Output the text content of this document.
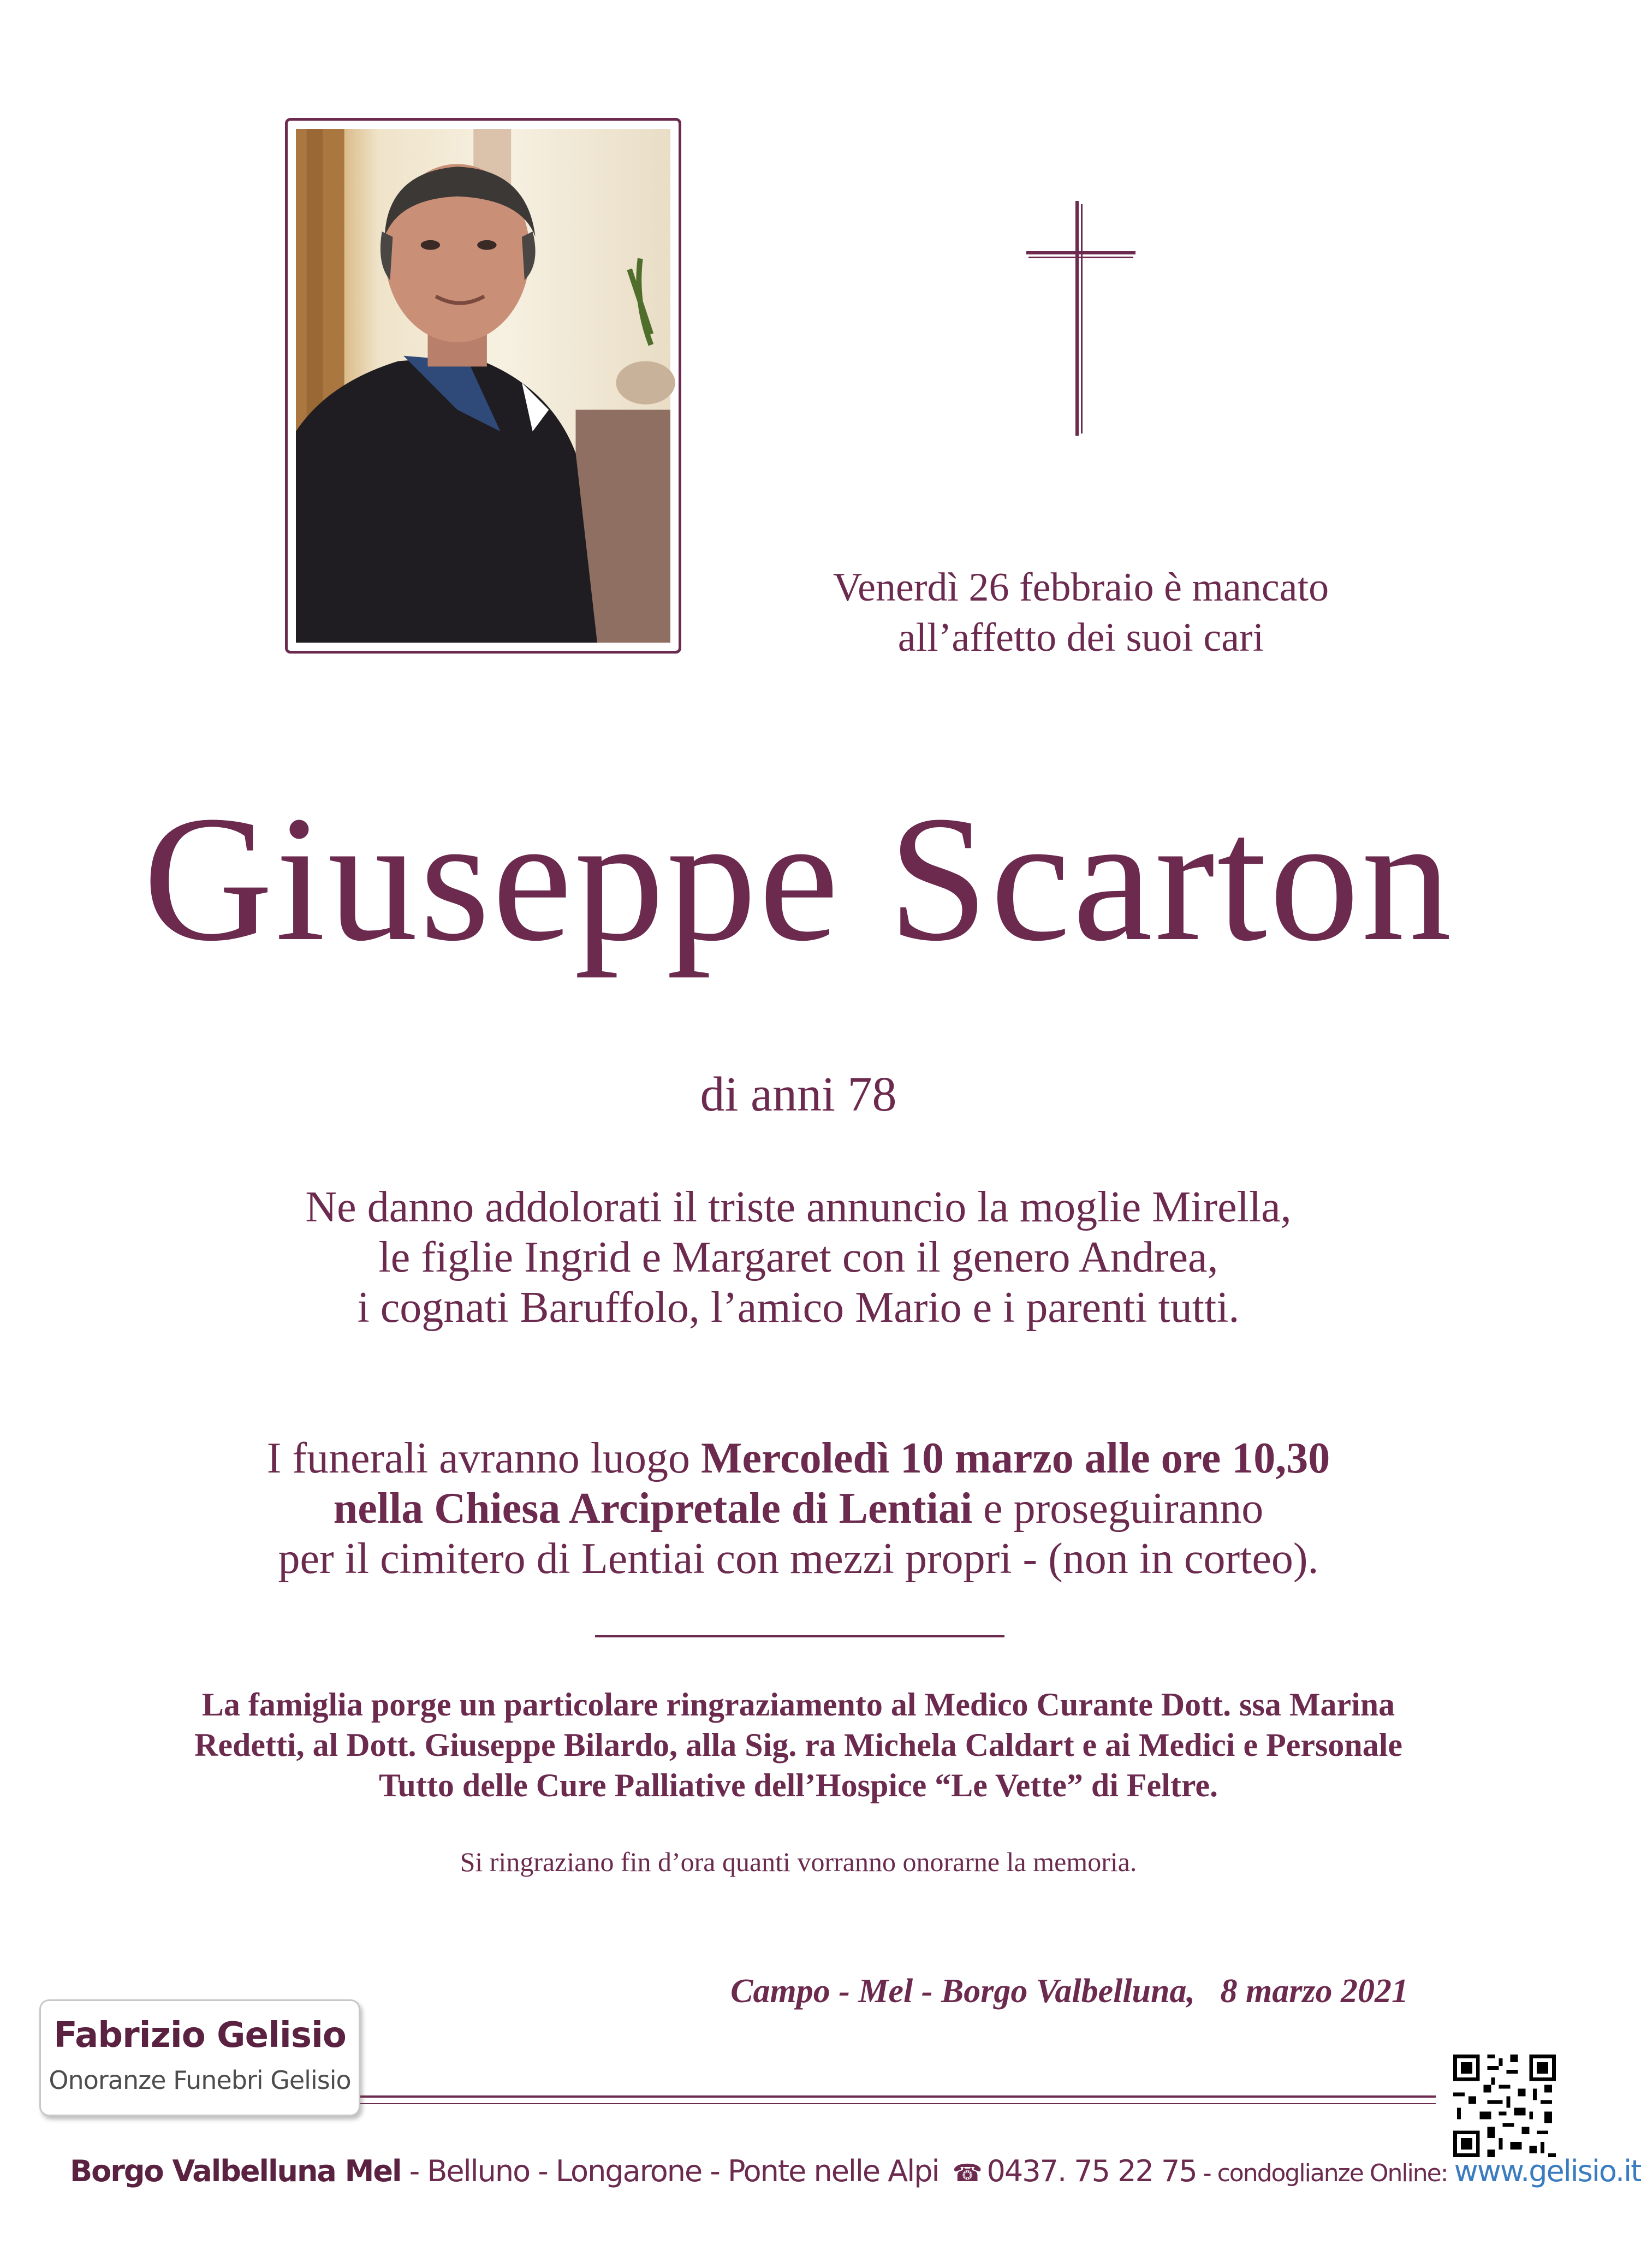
Venerdì 26 febbraio è mancato
all’affetto dei suoi cari
Giuseppe Scarton
di anni 78
Ne danno addolorati il triste annuncio la moglie Mirella,
le figlie Ingrid e Margaret con il genero Andrea,
i cognati Baruffolo, l’amico Mario e i parenti tutti.
I funerali avranno luogo Mercoledì 10 marzo alle ore 10,30
nella Chiesa Arcipretale di Lentiai e proseguiranno
per il cimitero di Lentiai con mezzi propri - (non in corteo).
La famiglia porge un particolare ringraziamento al Medico Curante Dott. ssa Marina
Redetti, al Dott. Giuseppe Bilardo, alla Sig. ra Michela Caldart e ai Medici e Personale
Tutto delle Cure Palliative dell’Hospice “Le Vette” di Feltre.
Si ringraziano fin d’ora quanti vorranno onorarne la memoria.
Campo - Mel - Borgo Valbelluna,   8 marzo 2021
Fabrizio Gelisio
Onoranze Funebri Gelisio
Borgo Valbelluna Mel - Belluno - Longarone - Ponte nelle Alpi ☎ 0437. 75 22 75 - condoglianze Online: www.gelisio.it
